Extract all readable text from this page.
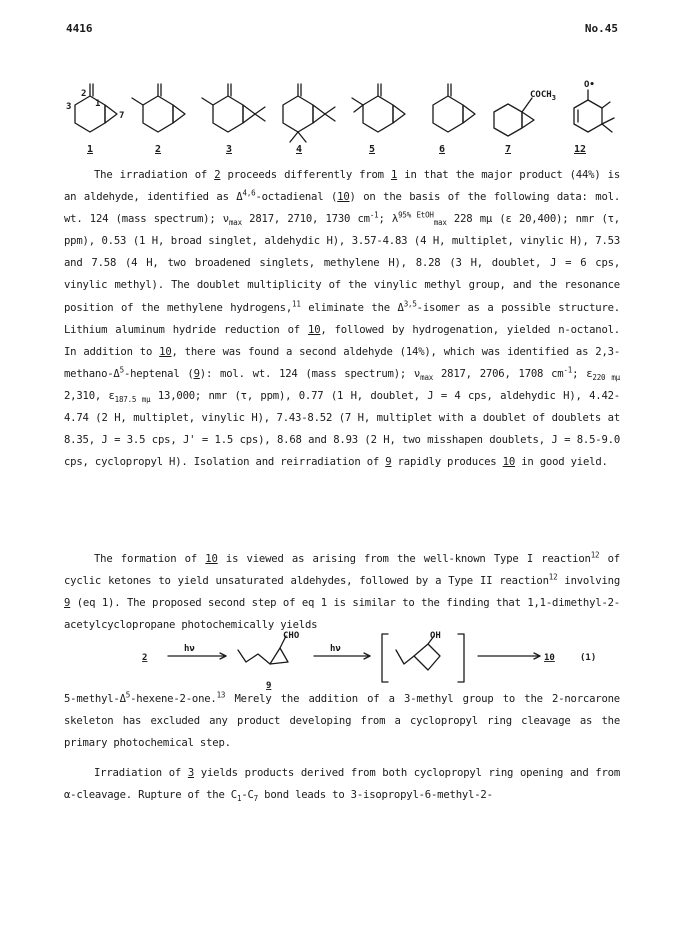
4416	No.45
3
2
1
7
$COCH_3$
O•
1	2	3	4	5	6	7	12

The irradiation of 2 proceeds differently from 1 in that the major product (44%) is an aldehyde, identified as Δ$^{4,6}$-octadienal (10) on the basis of the following data: mol. wt. 124 (mass spectrum); $\nu_{max}$ 2817, 2710, 1730 $cm^{-1}$; $\lambda^{95\% EtOH}_{max}$ 228 mμ (ε 20,400); nmr (τ, ppm), 0.53 (1 H, broad singlet, aldehydic H), 3.57-4.83 (4 H, multiplet, vinylic H), 7.53 and 7.58 (4 H, two broadened singlets, methylene H), 8.28 (3 H, doublet, J = 6 cps, vinylic methyl). The doublet multiplicity of the vinylic methyl group, and the resonance position of the methylene hydrogens,$^{11}$ eliminate the Δ$^{3,5}$-isomer as a possible structure. Lithium aluminum hydride reduction of 10, followed by hydrogenation, yielded n-octanol. In addition to 10, there was found a second aldehyde (14%), which was identified as $2,3-methano-\Delta^5$-heptenal (9): mol. wt. 124 (mass spectrum); $\nu_{max}$ 2817, 2706, 1708 $cm^{-1}$; $\varepsilon_{220 m\mu}$ 2,310, $\varepsilon_{187.5 m\mu}$ 13,000; nmr (τ, ppm), 0.77 (1 H, doublet, J = 4 cps, aldehydic H), 4.42-4.74 (2 H, multiplet, vinylic H), 7.43-8.52 (7 H, multiplet with a doublet of doublets at 8.35, J = 3.5 cps, J' = 1.5 cps), 8.68 and 8.93 (2 H, two misshapen doublets, J = 8.5-9.0 cps, cyclopropyl H). Isolation and reirradiation of 9 rapidly produces 10 in good yield.

The formation of 10 is viewed as arising from the well-known Type I reaction$^{12}$ of cyclic ketones to yield unsaturated aldehydes, followed by a Type II reaction$^{12}$ involving 9 (eq 1). The proposed second step of eq 1 is similar to the finding that 1,1-dimethyl-2-acetylcyclopropane photochemically yields

2
hν
CHO
9
hν
OH
10	(1)

$5-methyl-\Delta^5-hexene-2-one.^{13}$ Merely the addition of a 3-methyl group to the 2-norcarone skeleton has excluded any product developing from a cyclopropyl ring cleavage as the primary photochemical step.

Irradiation of 3 yields products derived from both cyclopropyl ring opening and from α-cleavage. Rupture of the $C_1-C_7$ bond leads to 3-isopropyl-6-methyl-2-
